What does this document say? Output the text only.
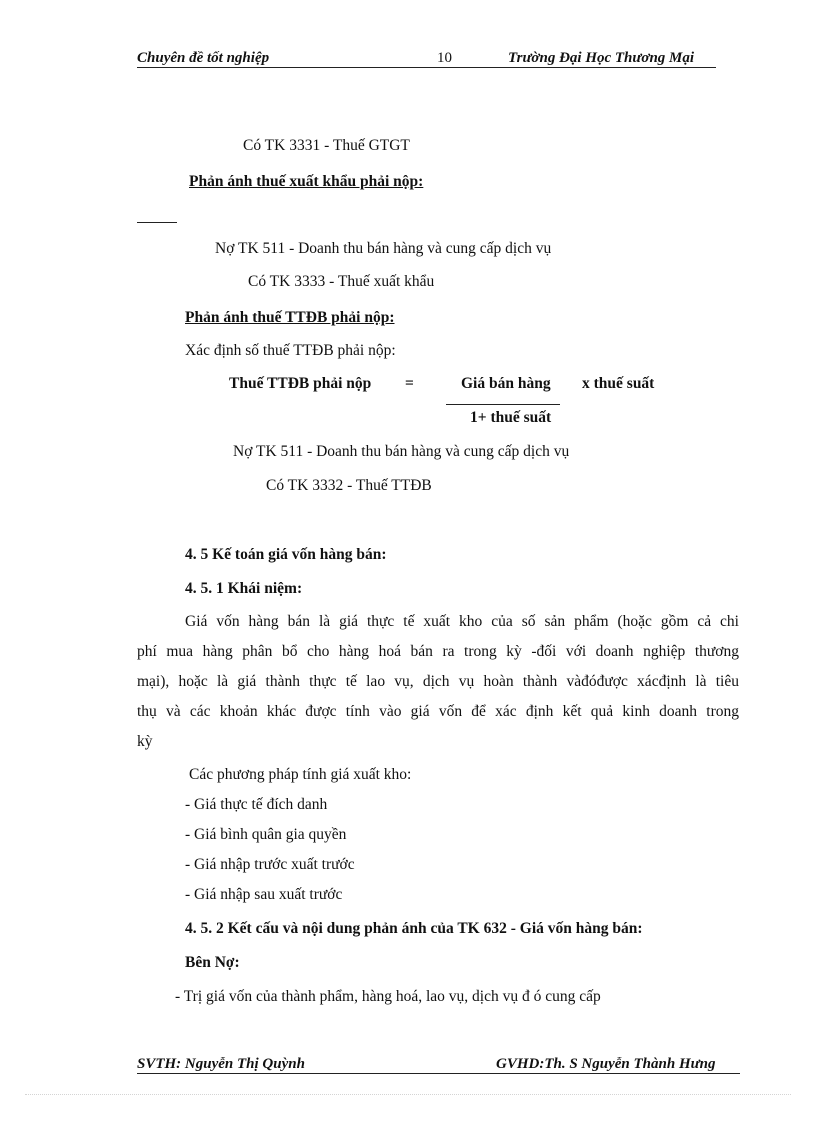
Chuyên đề tốt nghiệp	10	Trường Đại Học Thương Mại
Có TK 3331 - Thuế GTGT
Phản ánh thuế xuất khẩu phải nộp:
Nợ TK 511 - Doanh thu bán hàng và cung cấp dịch vụ
Có TK 3333 - Thuế xuất khẩu
Phản ánh thuế TTĐB phải nộp:
Xác định số thuế TTĐB phải nộp:
Thuế TTĐB phải nộp =	Giá bán hàng x thuế suất
1+ thuế suất
Nợ TK 511 - Doanh thu bán hàng và cung cấp dịch vụ
Có TK 3332 - Thuế TTĐB
4. 5 Kế toán giá vốn hàng bán:
4. 5. 1 Khái niệm:
Giá vốn hàng bán là giá thực tế xuất kho của số sản phẩm (hoặc gồm cả chi
phí mua hàng phân bổ cho hàng hoá bán ra trong kỳ -đối với doanh nghiệp thương
mại), hoặc là giá thành thực tế lao vụ, dịch vụ hoàn thành vàđóđược xácđịnh là tiêu
thụ và các khoản khác được tính vào giá vốn để xác định kết quả kinh doanh trong
kỳ
Các phương pháp tính giá xuất kho:
- Giá thực tế đích danh
- Giá bình quân gia quyền
- Giá nhập trước xuất trước
- Giá nhập sau xuất trước
4. 5. 2 Kết cấu và nội dung phản ánh của TK 632 - Giá vốn hàng bán:
Bên Nợ:
- Trị giá vốn của thành phẩm, hàng hoá, lao vụ, dịch vụ đ ó cung cấp
SVTH: Nguyễn Thị Quỳnh	GVHD:Th. S Nguyễn Thành Hưng
